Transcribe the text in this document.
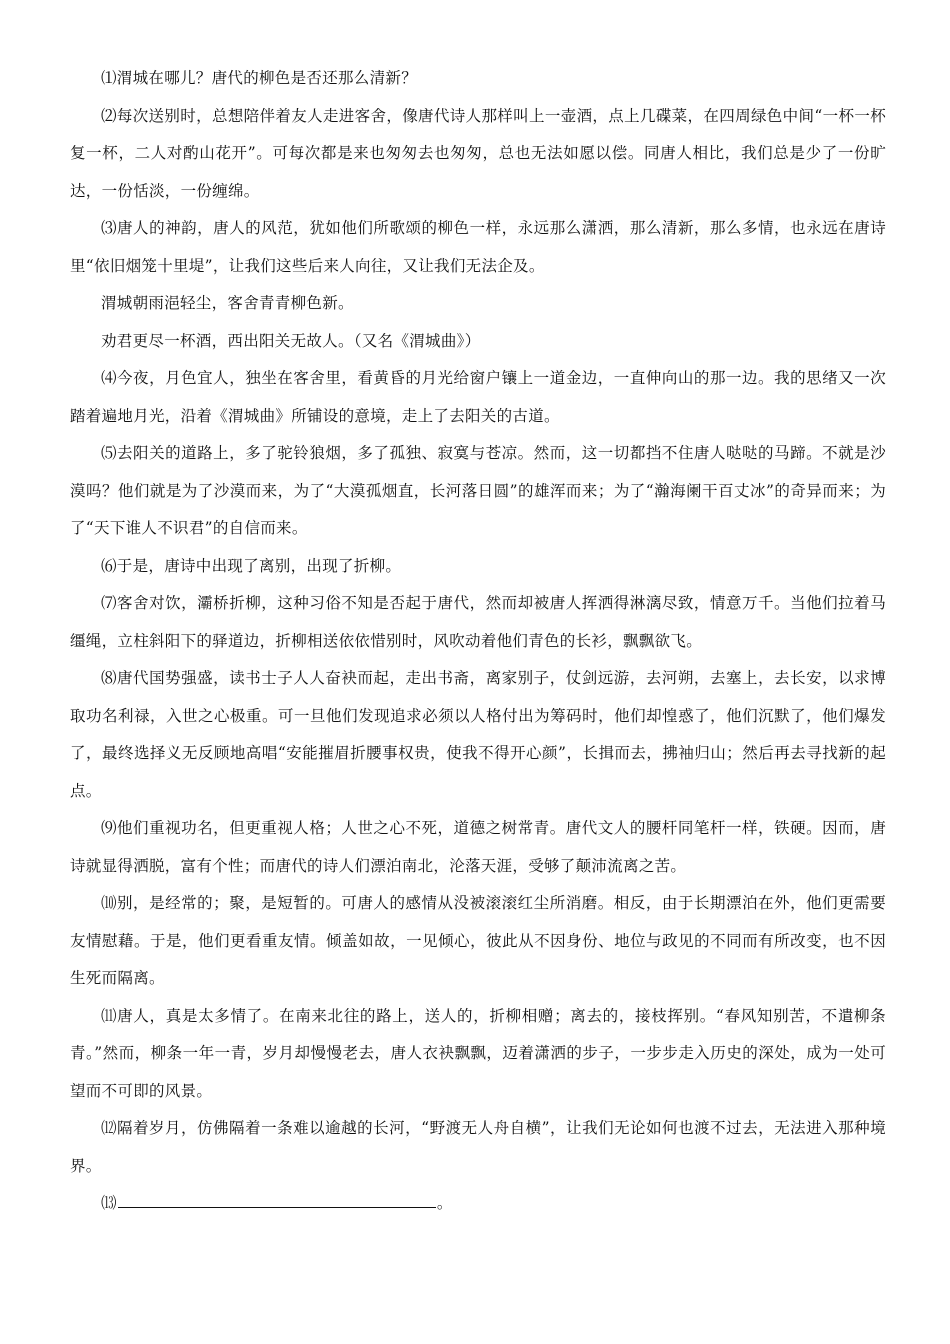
⑴渭城在哪儿？唐代的柳色是否还那么清新？

⑵每次送别时，总想陪伴着友人走进客舍，像唐代诗人那样叫上一壶酒，点上几碟菜，在四周绿色中间“一杯一杯复一杯，二人对酌山花开”。可每次都是来也匆匆去也匆匆，总也无法如愿以偿。同唐人相比，我们总是少了一份旷达，一份恬淡，一份缠绵。

⑶唐人的神韵，唐人的风范，犹如他们所歌颂的柳色一样，永远那么潇洒，那么清新，那么多情，也永远在唐诗里“依旧烟笼十里堤”，让我们这些后来人向往，又让我们无法企及。

渭城朝雨浥轻尘，客舍青青柳色新。

劝君更尽一杯酒，西出阳关无故人。（又名《渭城曲》）

⑷今夜，月色宜人，独坐在客舍里，看黄昏的月光给窗户镶上一道金边，一直伸向山的那一边。我的思绪又一次踏着遍地月光，沿着《渭城曲》所铺设的意境，走上了去阳关的古道。

⑸去阳关的道路上，多了驼铃狼烟，多了孤独、寂寞与苍凉。然而，这一切都挡不住唐人哒哒的马蹄。不就是沙漠吗？他们就是为了沙漠而来，为了“大漠孤烟直，长河落日圆”的雄浑而来；为了“瀚海阑干百丈冰”的奇异而来；为了“天下谁人不识君”的自信而来。

⑹于是，唐诗中出现了离别，出现了折柳。

⑺客舍对饮，灞桥折柳，这种习俗不知是否起于唐代，然而却被唐人挥洒得淋漓尽致，情意万千。当他们拉着马缰绳，立柱斜阳下的驿道边，折柳相送依依惜别时，风吹动着他们青色的长衫，飘飘欲飞。

⑻唐代国势强盛，读书士子人人奋袂而起，走出书斋，离家别子，仗剑远游，去河朔，去塞上，去长安，以求博取功名利禄，入世之心极重。可一旦他们发现追求必须以人格付出为筹码时，他们却惶惑了，他们沉默了，他们爆发了，最终选择义无反顾地高唱“安能摧眉折腰事权贵，使我不得开心颜”，长揖而去，拂袖归山；然后再去寻找新的起点。

⑼他们重视功名，但更重视人格；人世之心不死，道德之树常青。唐代文人的腰杆同笔杆一样，铁硬。因而，唐诗就显得洒脱，富有个性；而唐代的诗人们漂泊南北，沦落天涯，受够了颠沛流离之苦。

⑽别，是经常的；聚，是短暂的。可唐人的感情从没被滚滚红尘所消磨。相反，由于长期漂泊在外，他们更需要友情慰藉。于是，他们更看重友情。倾盖如故，一见倾心，彼此从不因身份、地位与政见的不同而有所改变，也不因生死而隔离。

⑾唐人，真是太多情了。在南来北往的路上，送人的，折柳相赠；离去的，接枝挥别。“春风知别苦，不遣柳条青。”然而，柳条一年一青，岁月却慢慢老去，唐人衣袂飘飘，迈着潇洒的步子，一步步走入历史的深处，成为一处可望而不可即的风景。

⑿隔着岁月，仿佛隔着一条难以逾越的长河，“野渡无人舟自横”，让我们无论如何也渡不过去，无法进入那种境界。

⒀	。
